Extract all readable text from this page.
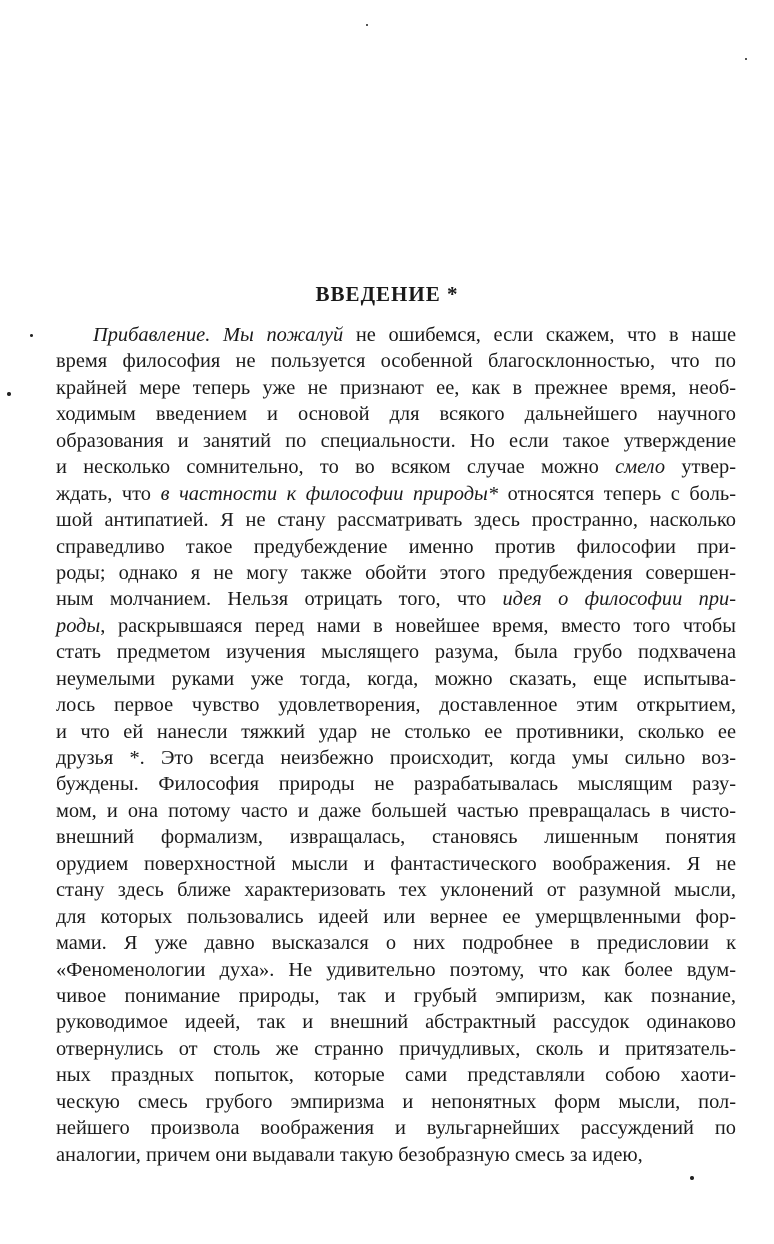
ВВЕДЕНИЕ *
Прибавление. Мы пожалуй не ошибемся, если скажем, что в наше
время философия не пользуется особенной благосклонностью, что по
крайней мере теперь уже не признают ее, как в прежнее время, необ-
ходимым введением и основой для всякого дальнейшего научного
образования и занятий по специальности. Но если такое утверждение
и несколько сомнительно, то во всяком случае можно смело утвер-
ждать, что в частности к философии природы* относятся теперь с боль-
шой антипатией. Я не стану рассматривать здесь пространно, насколько
справедливо такое предубеждение именно против философии при-
роды; однако я не могу также обойти этого предубеждения совершен-
ным молчанием. Нельзя отрицать того, что идея о философии при-
роды, раскрывшаяся перед нами в новейшее время, вместо того чтобы
стать предметом изучения мыслящего разума, была грубо подхвачена
неумелыми руками уже тогда, когда, можно сказать, еще испытыва-
лось первое чувство удовлетворения, доставленное этим открытием,
и что ей нанесли тяжкий удар не столько ее противники, сколько ее
друзья *. Это всегда неизбежно происходит, когда умы сильно воз-
буждены. Философия природы не разрабатывалась мыслящим разу-
мом, и она потому часто и даже большей частью превращалась в чисто-
внешний формализм, извращалась, становясь лишенным понятия
орудием поверхностной мысли и фантастического воображения. Я не
стану здесь ближе характеризовать тех уклонений от разумной мысли,
для которых пользовались идеей или вернее ее умерщвленными фор-
мами. Я уже давно высказался о них подробнее в предисловии к
«Феноменологии духа». Не удивительно поэтому, что как более вдум-
чивое понимание природы, так и грубый эмпиризм, как познание,
руководимое идеей, так и внешний абстрактный рассудок одинаково
отвернулись от столь же странно причудливых, сколь и притязатель-
ных праздных попыток, которые сами представляли собою хаоти-
ческую смесь грубого эмпиризма и непонятных форм мысли, пол-
нейшего произвола воображения и вульгарнейших рассуждений по
аналогии, причем они выдавали такую безобразную смесь за идею,
